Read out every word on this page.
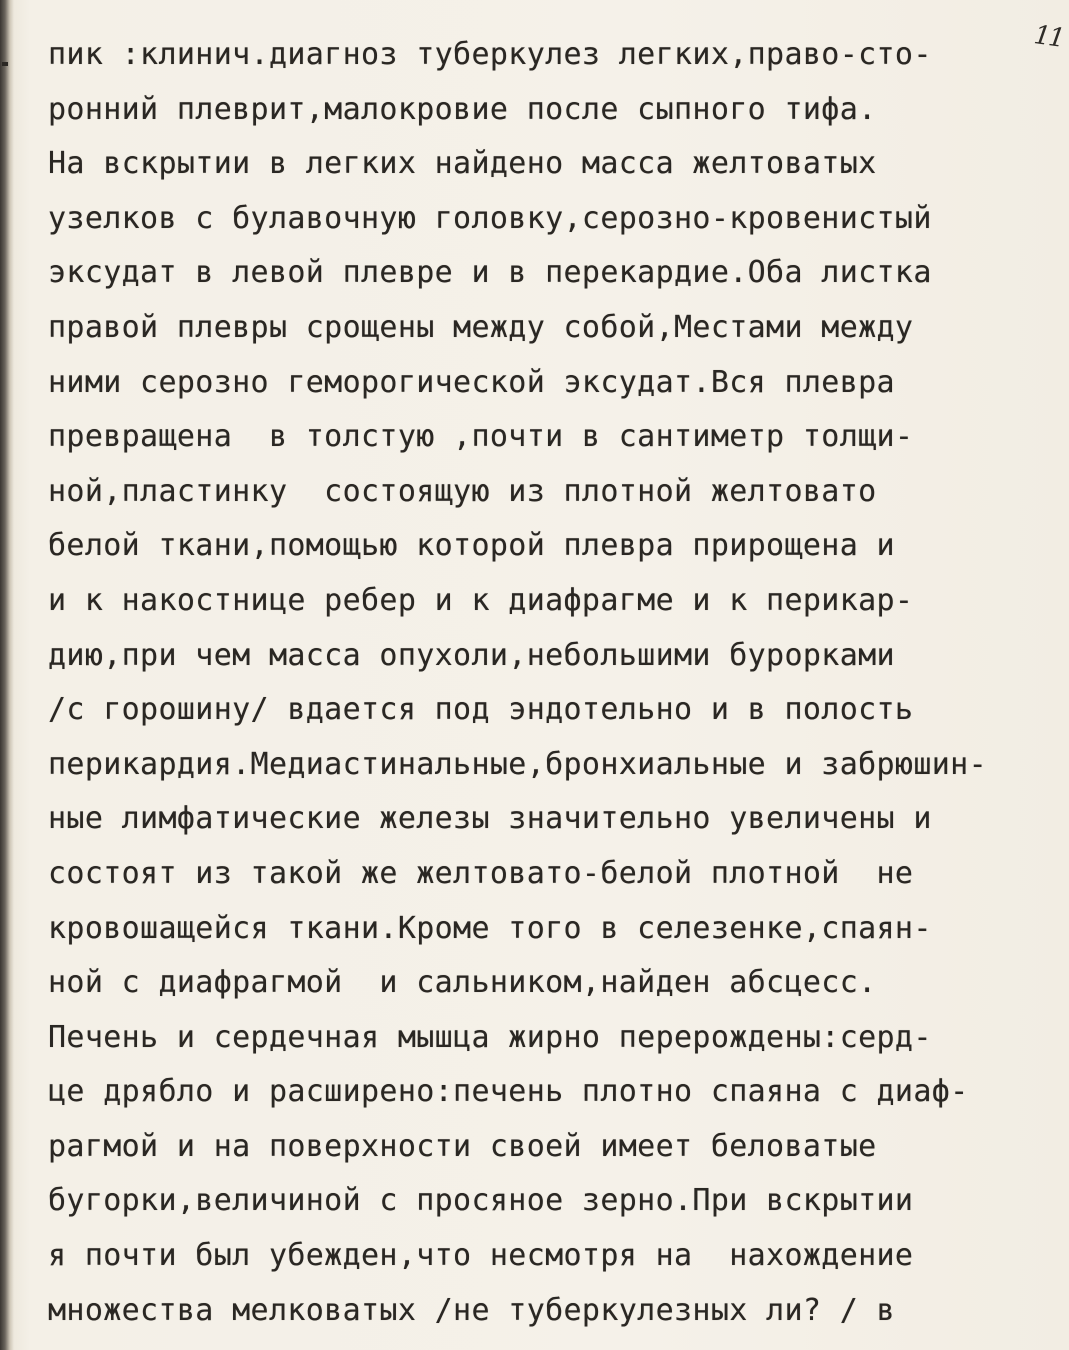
11
пик :клинич.диагноз туберкулез легких,право-сто-
ронний плеврит,малокровие после сыпного тифа.
На вскрытии в легких найдено масса желтоватых
узелков с булавочную головку,серозно-кровенистый
эксудат в левой плевре и в перекардие.Оба листка
правой плевры срощены между собой,Местами между
ними серозно геморогической эксудат.Вся плевра
превращена  в толстую ,почти в сантиметр толщи-
ной,пластинку  состоящую из плотной желтовато
белой ткани,помощью которой плевра прирощена и
и к накостнице ребер и к диафрагме и к перикар-
дию,при чем масса опухоли,небольшими бурорками
/с горошину/ вдается под эндотельно и в полость
перикардия.Медиастинальные,бронхиальные и забрюшин-
ные лимфатические железы значительно увеличены и
состоят из такой же желтовато-белой плотной  не
кровошащейся ткани.Кроме того в селезенке,спаян-
ной с диафрагмой  и сальником,найден абсцесс.
Печень и сердечная мышца жирно перерождены:серд-
це дрябло и расширено:печень плотно спаяна с диаф-
рагмой и на поверхности своей имеет беловатые
бугорки,величиной с просяное зерно.При вскрытии
я почти был убежден,что несмотря на  нахождение
множества мелковатых /не туберкулезных ли? / в
